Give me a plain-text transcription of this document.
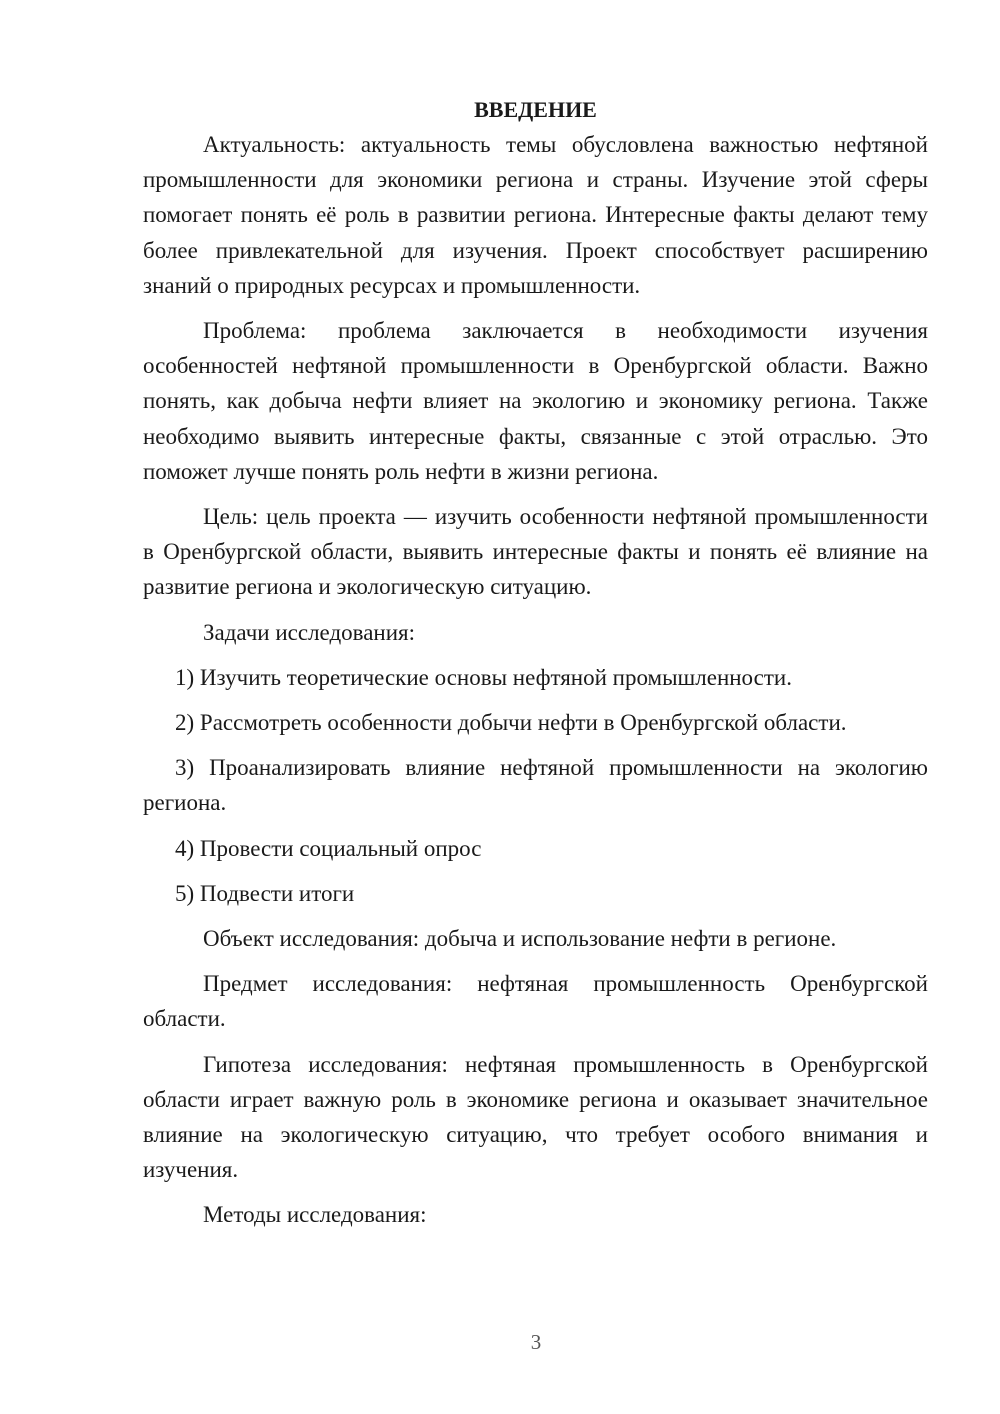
ВВЕДЕНИЕ

Актуальность: актуальность темы обусловлена важностью нефтяной промышленности для экономики региона и страны. Изучение этой сферы помогает понять её роль в развитии региона. Интересные факты делают тему более привлекательной для изучения. Проект способствует расширению знаний о природных ресурсах и промышленности.

Проблема: проблема заключается в необходимости изучения особенностей нефтяной промышленности в Оренбургской области. Важно понять, как добыча нефти влияет на экологию и экономику региона. Также необходимо выявить интересные факты, связанные с этой отраслью. Это поможет лучше понять роль нефти в жизни региона.

Цель: цель проекта — изучить особенности нефтяной промышленности в Оренбургской области, выявить интересные факты и понять её влияние на развитие региона и экологическую ситуацию.

Задачи исследования:

1) Изучить теоретические основы нефтяной промышленности.

2) Рассмотреть особенности добычи нефти в Оренбургской области.

3) Проанализировать влияние нефтяной промышленности на экологию региона.

4) Провести социальный опрос

5) Подвести итоги

Объект исследования: добыча и использование нефти в регионе.

Предмет исследования: нефтяная промышленность Оренбургской области.

Гипотеза исследования: нефтяная промышленность в Оренбургской области играет важную роль в экономике региона и оказывает значительное влияние на экологическую ситуацию, что требует особого внимания и изучения.

Методы исследования:

3
